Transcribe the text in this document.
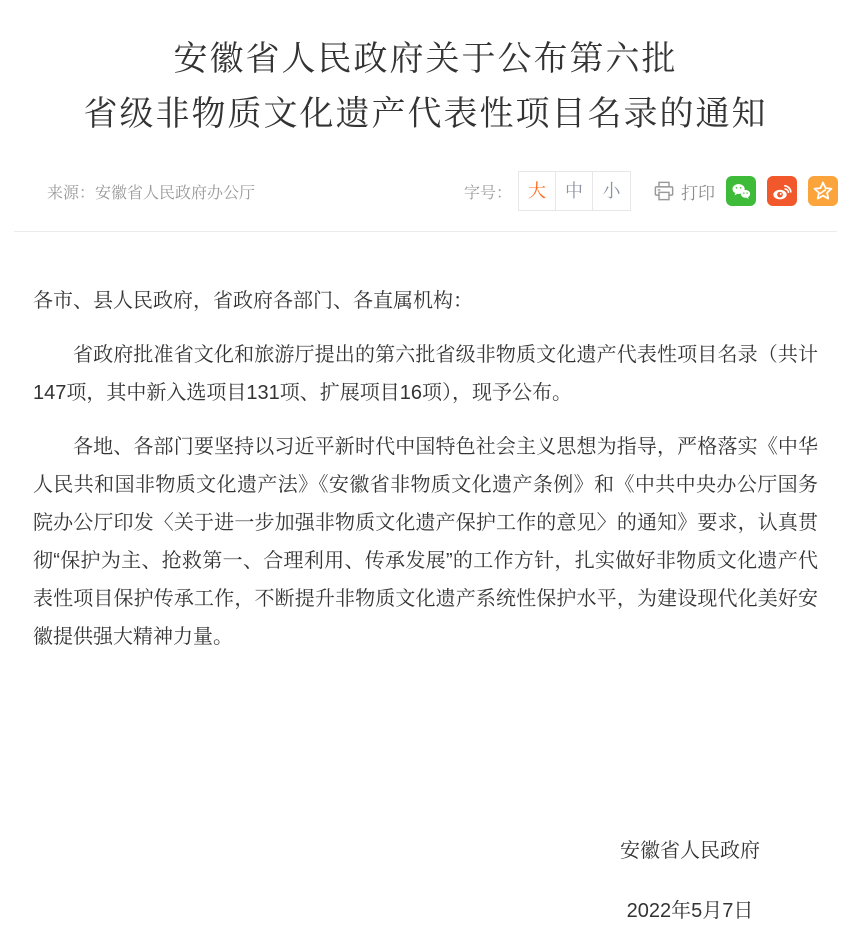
安徽省人民政府关于公布第六批
省级非物质文化遗产代表性项目名录的通知
来源：安徽省人民政府办公厅	字号： 大	中	小	打印

各市、县人民政府，省政府各部门、各直属机构：

省政府批准省文化和旅游厅提出的第六批省级非物质文化遗产代表性项目名录（共计147项，其中新入选项目131项、扩展项目16项），现予公布。

各地、各部门要坚持以习近平新时代中国特色社会主义思想为指导，严格落实《中华人民共和国非物质文化遗产法》《安徽省非物质文化遗产条例》和《中共中央办公厅国务院办公厅印发〈关于进一步加强非物质文化遗产保护工作的意见〉的通知》要求，认真贯彻“保护为主、抢救第一、合理利用、传承发展”的工作方针，扎实做好非物质文化遗产代表性项目保护传承工作，不断提升非物质文化遗产系统性保护水平，为建设现代化美好安徽提供强大精神力量。

安徽省人民政府
2022年5月7日
